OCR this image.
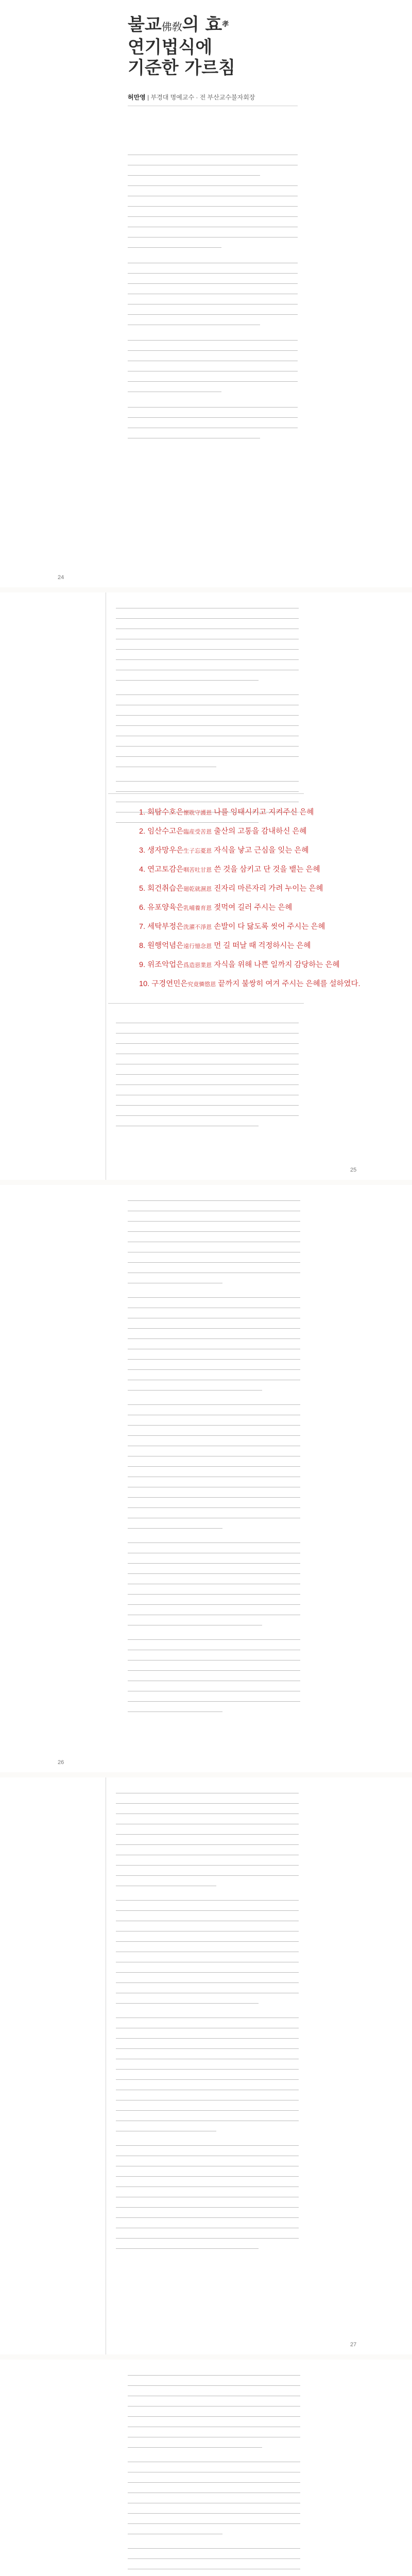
불교佛敎의 효$^孝$
연기법식에
기준한 가르침

허만영 | 부경대 명예교수 · 전 부산교수불자회장
24
25
1. 회탐수호은懷耽守護恩 나를 잉태시키고 지켜주신 은혜
2. 임산수고은臨産受苦恩 출산의 고통을 감내하신 은혜
3. 생자망우은生子忘憂恩 자식을 낳고 근심을 잊는 은혜
4. 연고토감은咽苦吐甘恩 쓴 것을 삼키고 단 것을 뱉는 은혜
5. 회건취습은廻乾就濕恩 진자리 마른자리 가려 누이는 은혜
6. 유포양육은乳哺養育恩 젖먹여 길러 주시는 은혜
7. 세탁부정은洗濯不淨恩 손발이 다 닳도록 씻어 주시는 은혜
8. 원행억념은遠行憶念恩 먼 길 떠날 때 걱정하시는 은혜
9. 위조악업은爲造惡業恩 자식을 위해 나쁜 일까지 감당하는 은혜
10. 구경연민은究竟憐愍恩 끝까지 불쌍히 여겨 주시는 은혜를 설하였다.
26
27
